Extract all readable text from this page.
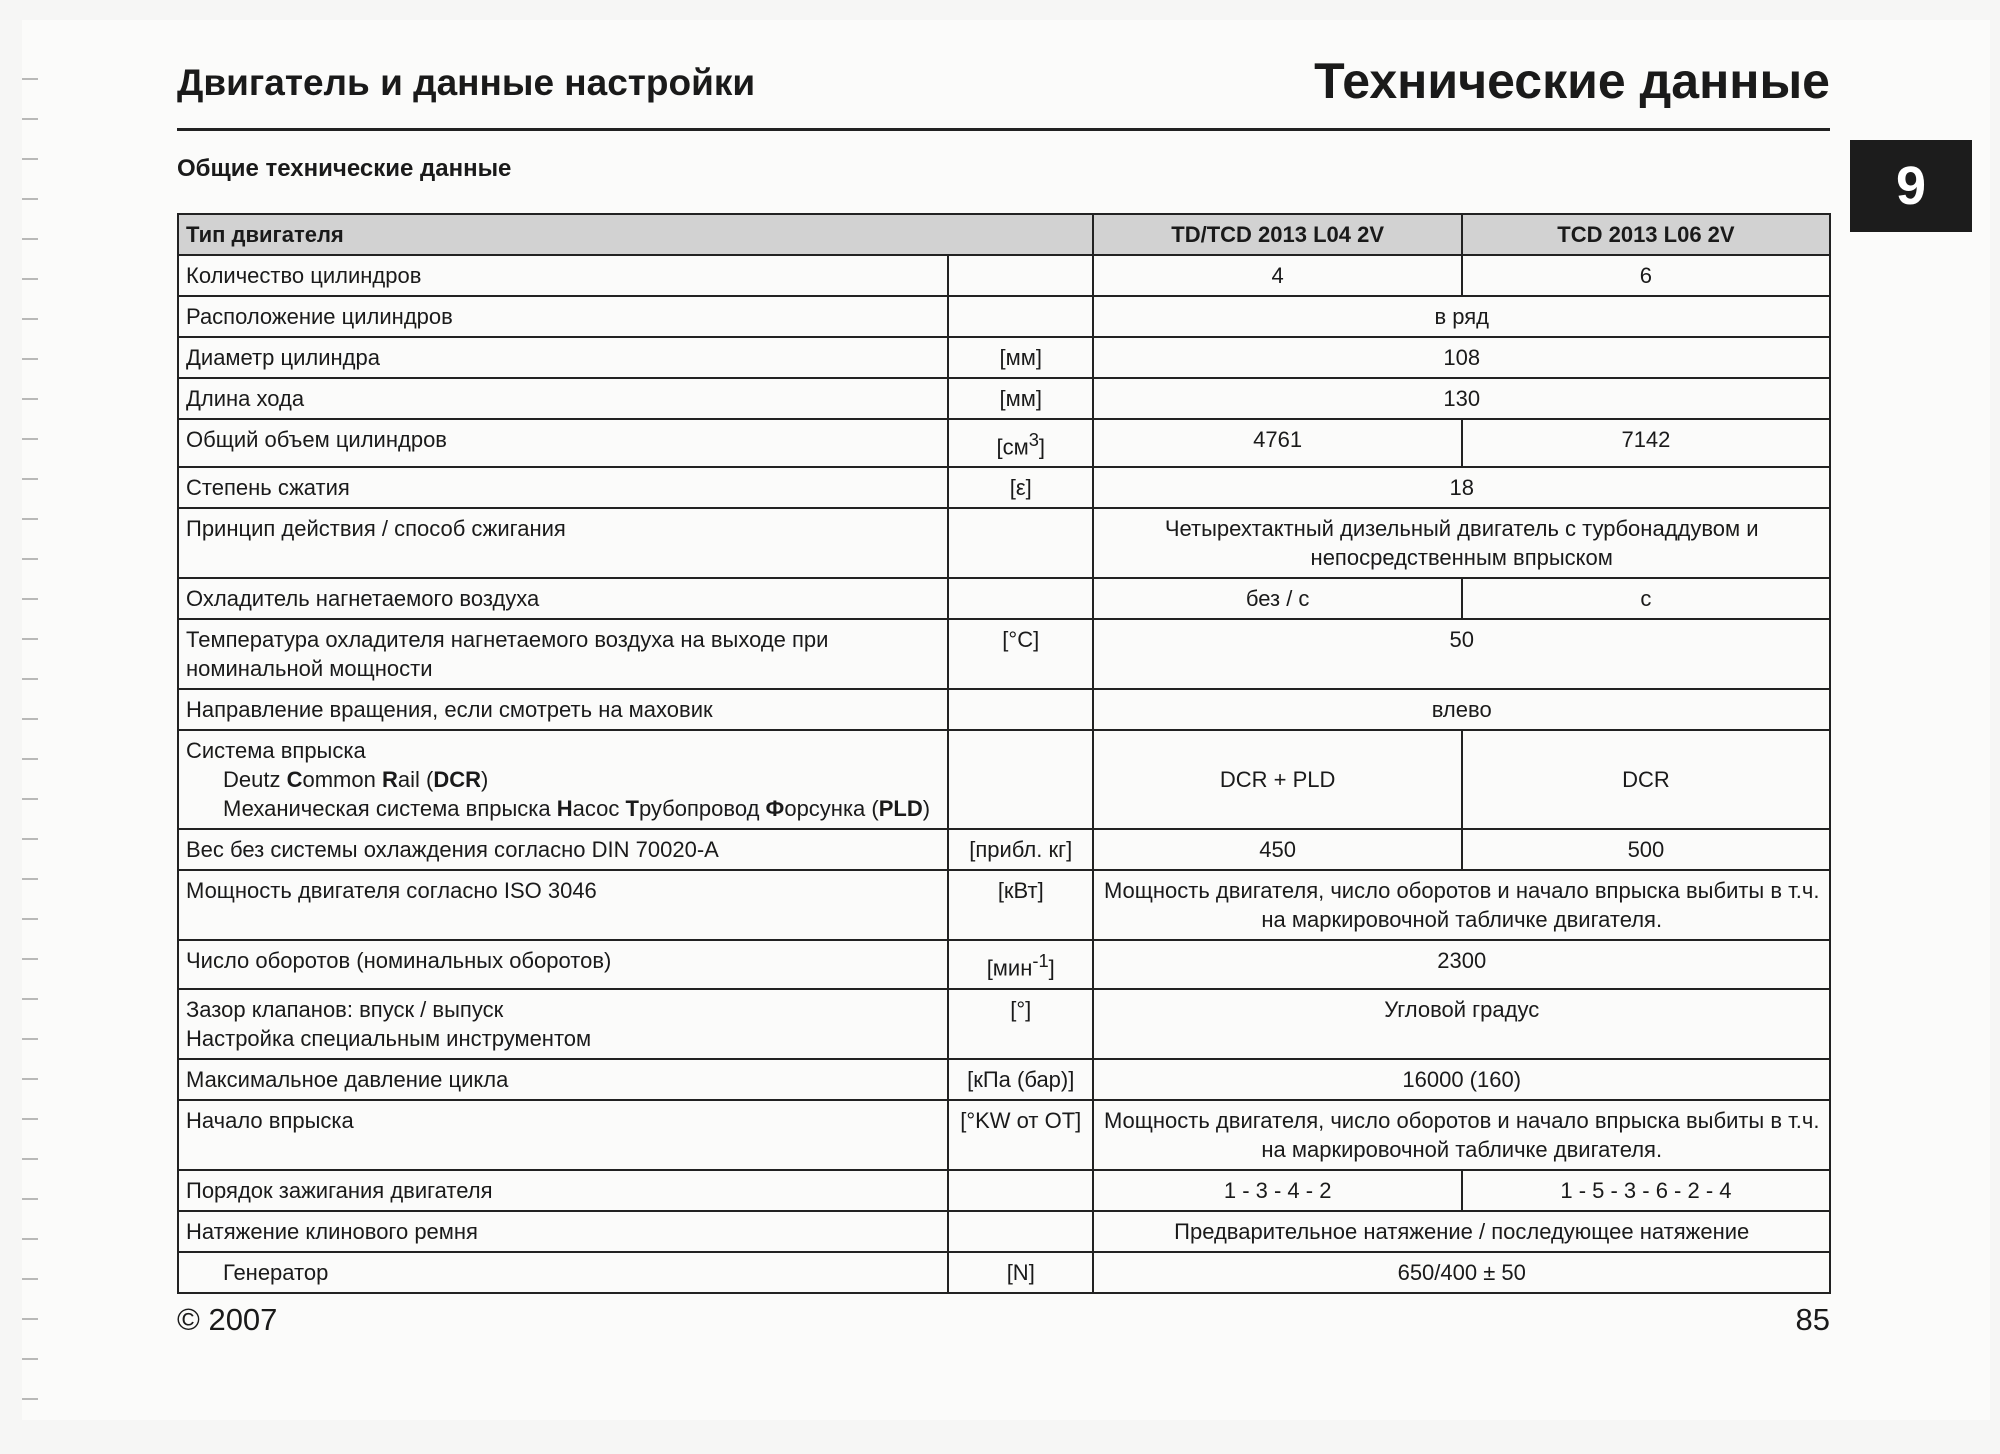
Двигатель и данные настройки	Технические данные
9
Общие технические данные
Тип двигателя		TD/TCD 2013 L04 2V	TCD 2013 L06 2V
Количество цилиндров		4	6
Расположение цилиндров		в ряд	
Диаметр цилиндра	[мм]	108	
Длина хода	[мм]	130	
Общий объем цилиндров	$[см^3]$	4761	7142
Степень сжатия	[ε]	18	
Принцип действия / способ сжигания		Четырехтактный дизельный двигатель с турбонаддувом и непосредственным впрыском	
Охладитель нагнетаемого воздуха		без / с	с
Температура охладителя нагнетаемого воздуха на выходе при номинальной мощности	[°C]	50	
Направление вращения, если смотреть на маховик		влево	

Система впрыска
Deutz Common Rail (DCR)
Механическая система впрыска Насос Трубопровод Форсунка (PLD)		DCR + PLD	DCR
Вес без системы охлаждения согласно DIN 70020-A	[прибл. кг]	450	500
Мощность двигателя согласно ISO 3046	[кВт]	Мощность двигателя, число оборотов и начало впрыска выбиты в т.ч. на маркировочной табличке двигателя.	
Число оборотов (номинальных оборотов)	[мин$^{-1}$]	2300	

Зазор клапанов: впуск / выпуск
Настройка специальным инструментом	[°]	Угловой градус	
Максимальное давление цикла	[кПа (бар)]	16000 (160)	
Начало впрыска	[°KW от OT]	Мощность двигателя, число оборотов и начало впрыска выбиты в т.ч. на маркировочной табличке двигателя.	
Порядок зажигания двигателя		1 - 3 - 4 - 2	1 - 5 - 3 - 6 - 2 - 4
Натяжение клинового ремня		Предварительное натяжение / последующее натяжение	

Генератор	[N]	650/400 ± 50	
© 2007	85
